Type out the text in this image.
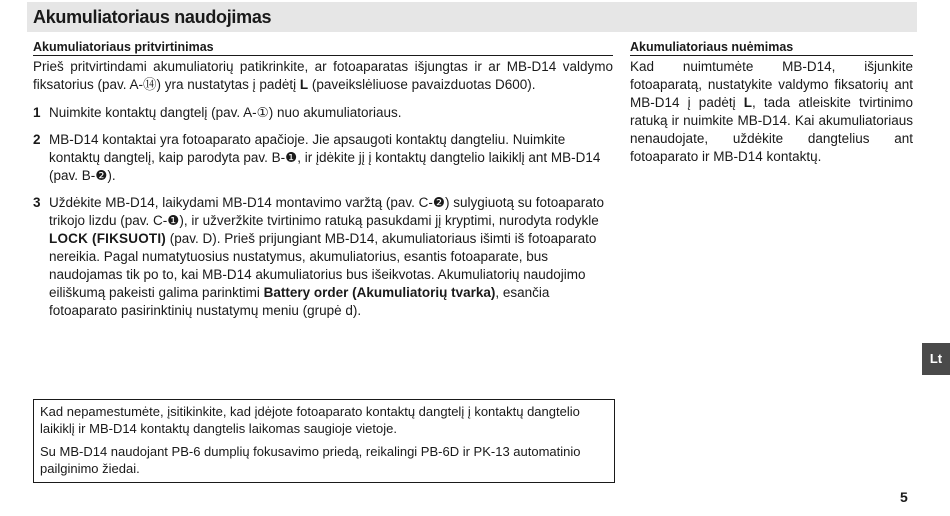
Akumuliatoriaus naudojimas
Akumuliatoriaus pritvirtinimas

Prieš pritvirtindami akumuliatorių patikrinkite, ar fotoaparatas išjungtas ir ar MB-D14 valdymo fiksatorius (pav. A-⑭) yra nustatytas į padėtį L (paveikslėliuose pavaizduotas D600).

1 Nuimkite kontaktų dangtelį (pav. A-①) nuo akumuliatoriaus.
2 MB-D14 kontaktai yra fotoaparato apačioje. Jie apsaugoti kontaktų dangteliu. Nuimkite kontaktų dangtelį, kaip parodyta pav. B-❶, ir įdėkite jį į kontaktų dangtelio laikiklį ant MB-D14 (pav. B-❷).
3 Uždėkite MB-D14, laikydami MB-D14 montavimo varžtą (pav. C-❷) sulygiuotą su fotoaparato trikojo lizdu (pav. C-❶), ir užveržkite tvirtinimo ratuką pasukdami jį kryptimi, nurodyta rodykle LOCK (FIKSUOTI) (pav. D). Prieš prijungiant MB-D14, akumuliatoriaus išimti iš fotoaparato nereikia. Pagal numatytuosius nustatymus, akumuliatorius, esantis fotoaparate, bus naudojamas tik po to, kai MB-D14 akumuliatorius bus išeikvotas. Akumuliatorių naudojimo eiliškumą pakeisti galima parinktimi Battery order (Akumuliatorių tvarka), esančia fotoaparato pasirinktinių nustatymų meniu (grupė d).
Akumuliatoriaus nuėmimas

Kad nuimtumėte MB-D14, išjunkite fotoaparatą, nustatykite valdymo fiksatorių ant MB-D14 į padėtį L, tada atleiskite tvirtinimo ratuką ir nuimkite MB-D14. Kai akumuliatoriaus nenaudojate, uždėkite dangtelius ant fotoaparato ir MB-D14 kontaktų.

Kad nepamestumėte, įsitikinkite, kad įdėjote fotoaparato kontaktų dangtelį į kontaktų dangtelio laikiklį ir MB-D14 kontaktų dangtelis laikomas saugioje vietoje.

Su MB-D14 naudojant PB-6 dumplių fokusavimo priedą, reikalingi PB-6D ir PK-13 automatinio pailginimo žiedai.

Lt
5
